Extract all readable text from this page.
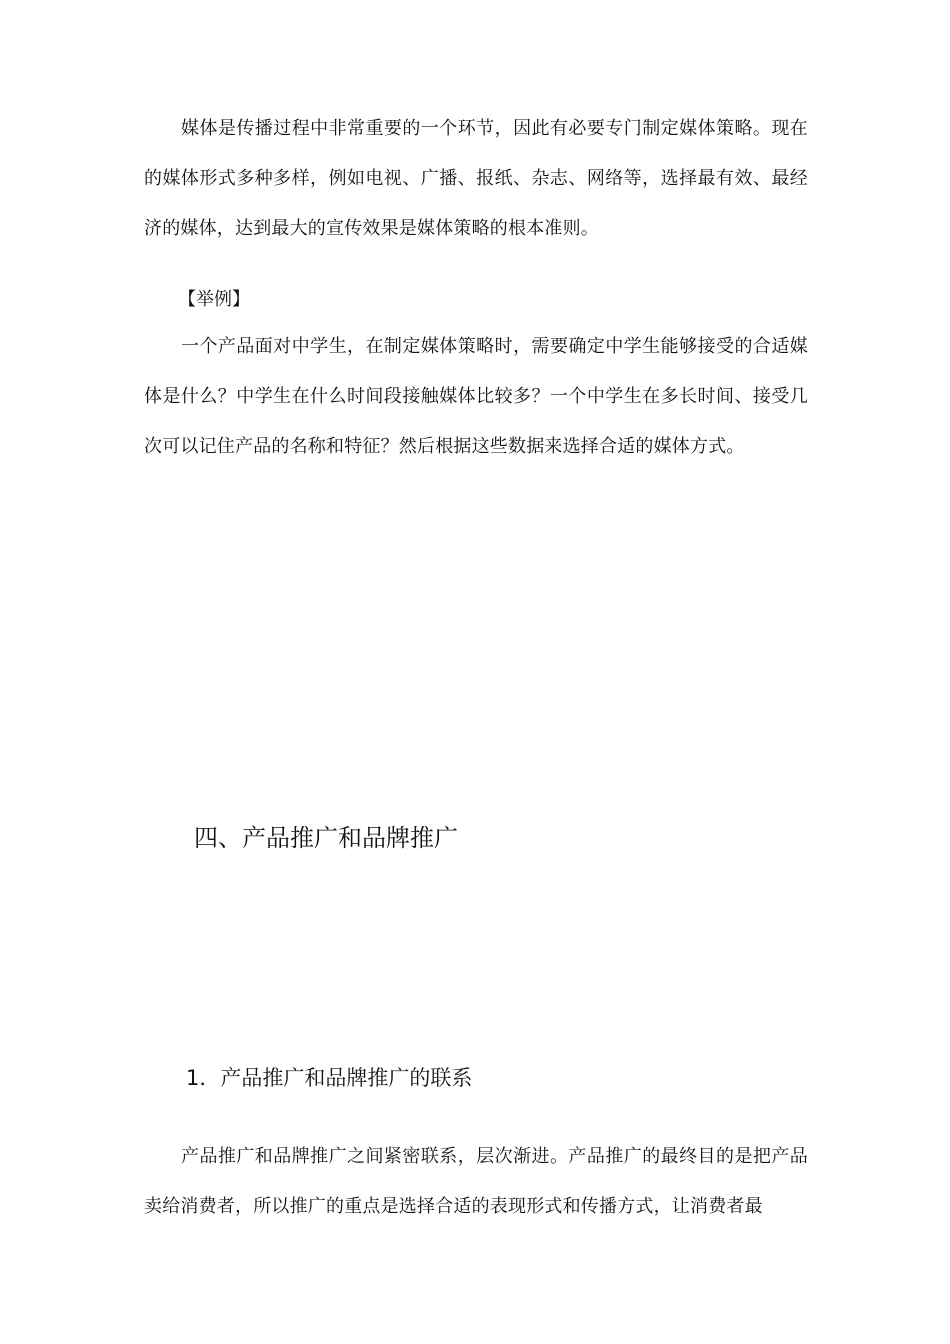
媒体是传播过程中非常重要的一个环节，因此有必要专门制定媒体策略。现在的媒体形式多种多样，例如电视、广播、报纸、杂志、网络等，选择最有效、最经济的媒体，达到最大的宣传效果是媒体策略的根本准则。

【举例】

一个产品面对中学生，在制定媒体策略时，需要确定中学生能够接受的合适媒体是什么？中学生在什么时间段接触媒体比较多？一个中学生在多长时间、接受几次可以记住产品的名称和特征？然后根据这些数据来选择合适的媒体方式。

四、产品推广和品牌推广
1．产品推广和品牌推广的联系

产品推广和品牌推广之间紧密联系，层次渐进。产品推广的最终目的是把产品卖给消费者，所以推广的重点是选择合适的表现形式和传播方式，让消费者最
